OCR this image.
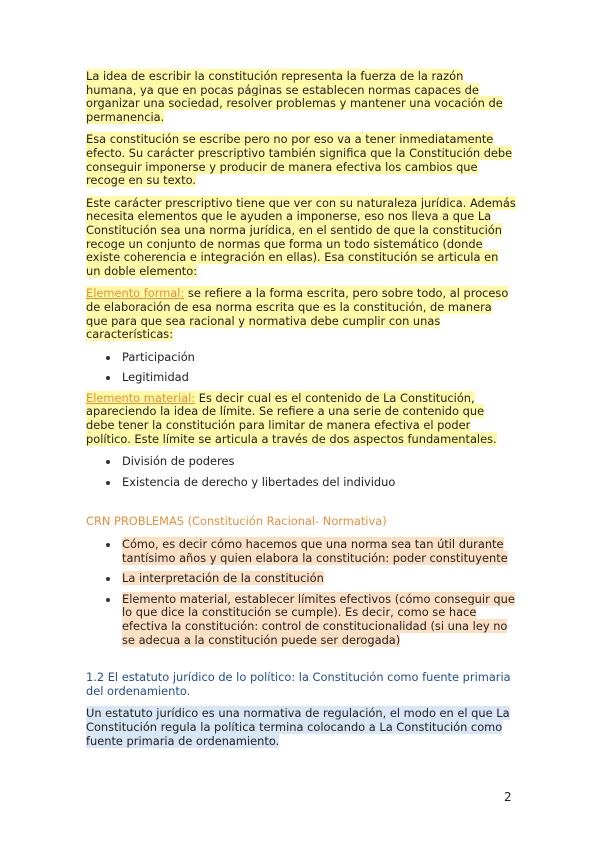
La idea de escribir la constitución representa la fuerza de la razón humana, ya que en pocas páginas se establecen normas capaces de organizar una sociedad, resolver problemas y mantener una vocación de permanencia.

Esa constitución se escribe pero no por eso va a tener inmediatamente efecto. Su carácter prescriptivo también significa que la Constitución debe conseguir imponerse y producir de manera efectiva los cambios que recoge en su texto.

Este carácter prescriptivo tiene que ver con su naturaleza jurídica. Además necesita elementos que le ayuden a imponerse, eso nos lleva a que La Constitución sea una norma jurídica, en el sentido de que la constitución recoge un conjunto de normas que forma un todo sistemático (donde existe coherencia e integración en ellas). Esa constitución se articula en un doble elemento:

Elemento formal: se refiere a la forma escrita, pero sobre todo, al proceso de elaboración de esa norma escrita que es la constitución, de manera que para que sea racional y normativa debe cumplir con unas características:

Participación
Legitimidad

Elemento material: Es decir cual es el contenido de La Constitución, apareciendo la idea de límite. Se refiere a una serie de contenido que debe tener la constitución para limitar de manera efectiva el poder político. Este límite se articula a través de dos aspectos fundamentales.

División de poderes
Existencia de derecho y libertades del individuo
CRN PROBLEMAS (Constitución Racional- Normativa)
Cómo, es decir cómo hacemos que una norma sea tan útil durante tantísimo años y quien elabora la constitución: poder constituyente
La interpretación de la constitución
Elemento material, establecer límites efectivos (cómo conseguir que lo que dice la constitución se cumple). Es decir, como se hace efectiva la constitución: control de constitucionalidad (si una ley no se adecua a la constitución puede ser derogada)
1.2 El estatuto jurídico de lo político: la Constitución como fuente primaria del ordenamiento.

Un estatuto jurídico es una normativa de regulación, el modo en el que La Constitución regula la política termina colocando a La Constitución como fuente primaria de ordenamiento.

2
